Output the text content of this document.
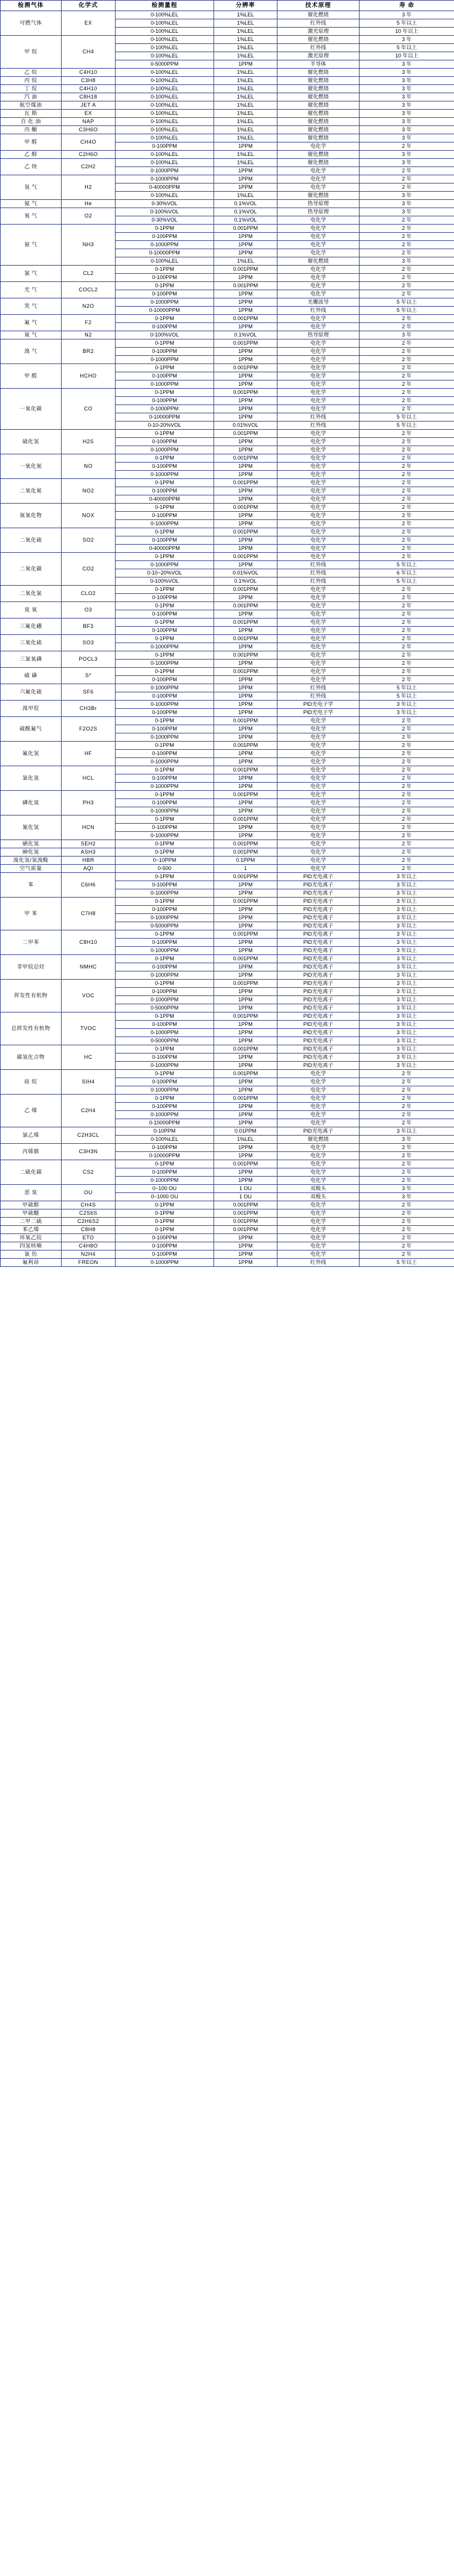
检测气体	化学式	检测量程	分辨率	技术原理	寿 命
可燃气体	EX	0-100%LEL	1%LEL	催化燃烧	3 年
		0-100%LEL	1%LEL	红外线	5 年以上
		0-100%LEL	1%LEL	激光原理	10 年以上
甲 烷	CH4	0-100%LEL	1%LEL	催化燃烧	3 年
		0-100%LEL	1%LEL	红外线	5 年以上
		0-100%LEL	1%LEL	激光原理	10 年以上
		0-5000PPM	1PPM	半导体	3 年
乙 烷	C4H10	0-100%LEL	1%LEL	催化燃烧	3 年
丙 烷	C3H8	0-100%LEL	1%LEL	催化燃烧	3 年
丁 烷	C4H10	0-100%LEL	1%LEL	催化燃烧	3 年
汽 油	C8H18	0-100%LEL	1%LEL	催化燃烧	3 年
航空煤油	JET A	0-100%LEL	1%LEL	催化燃烧	3 年
瓦 斯	EX	0-100%LEL	1%LEL	催化燃烧	3 年
自 化 油	NAP	0-100%LEL	1%LEL	催化燃烧	3 年
丙 酮	C3H6O	0-100%LEL	1%LEL	催化燃烧	3 年
甲 醛	CH4O	0-100%LEL	1%LEL	催化燃烧	3 年
		0-100PPM	1PPM	电化学	2 年
乙 醇	C2H6O	0-100%LEL	1%LEL	催化燃烧	3 年
乙 炔	C2H2	0-100%LEL	1%LEL	催化燃烧	3 年
		0-1000PPM	1PPM	电化学	2 年
氢 气	H2	0-1000PPM	1PPM	电化学	2 年
		0-40000PPM	1PPM	电化学	2 年
		0-100%LEL	1%LEL	催化燃烧	3 年
氦 气	He	0-30%VOL	0.1%VOL	热导原理	3 年
氧 气	O2	0-100%VOL	0.1%VOL	热导原理	3 年
		0-30%VOL	0.1%VOL	电化学	2 年
氨 气	NH3	0-1PPM	0.001PPM	电化学	2 年
		0-100PPM	1PPM	电化学	2 年
		0-1000PPM	1PPM	电化学	2 年
		0-10000PPM	1PPM	电化学	2 年
		0-100%LEL	1%LEL	催化燃烧	3 年
氯 气	CL2	0-1PPM	0.001PPM	电化学	2 年
		0-100PPM	1PPM	电化学	2 年
光 气	COCL2	0-1PPM	0.001PPM	电化学	2 年
		0-100PPM	1PPM	电化学	2 年
笑 气	N2O	0-1000PPM	1PPM	光栅波导	5 年以上
		0-10000PPM	1PPM	红外线	5 年以上
氟 气	F2	0-1PPM	0.001PPM	电化学	2 年
		0-100PPM	1PPM	电化学	2 年
氮 气	N2	0-100%VOL	0.1%VOL	热导原理	3 年
溴 气	BR2	0-1PPM	0.001PPM	电化学	2 年
		0-100PPM	1PPM	电化学	2 年
		0-1000PPM	1PPM	电化学	2 年
甲 醛	HCHO	0-1PPM	0.001PPM	电化学	2 年
		0-100PPM	1PPM	电化学	2 年
		0-1000PPM	1PPM	电化学	2 年
一氧化碳	CO	0-1PPM	0.001PPM	电化学	2 年
		0-100PPM	1PPM	电化学	2 年
		0-1000PPM	1PPM	电化学	2 年
		0-10000PPM	1PPM	红外线	5 年以上
		0-10-20%VOL	0.01%VOL	红外线	5 年以上
硫化氢	H2S	0-1PPM	0.001PPM	电化学	2 年
		0-100PPM	1PPM	电化学	2 年
		0-1000PPM	1PPM	电化学	2 年
一氧化氮	NO	0-1PPM	0.001PPM	电化学	2 年
		0-100PPM	1PPM	电化学	2 年
		0-1000PPM	1PPM	电化学	2 年
二氧化氮	NO2	0-1PPM	0.001PPM	电化学	2 年
		0-100PPM	1PPM	电化学	2 年
		0-40000PPM	1PPM	电化学	2 年
氮氧化物	NOX	0-1PPM	0.001PPM	电化学	2 年
		0-100PPM	1PPM	电化学	2 年
		0-1000PPM	1PPM	电化学	2 年
二氧化硫	SO2	0-1PPM	0.001PPM	电化学	2 年
		0-100PPM	1PPM	电化学	2 年
		0-40000PPM	1PPM	电化学	2 年
二氧化碳	CO2	0-1PPM	0.001PPM	电化学	2 年
		0-1000PPM	1PPM	红外线	5 年以上
		0-10~20%VOL	0.01%VOL	红外线	6 年以上
		0-100%VOL	0.1%VOL	红外线	5 年以上
二氧化氯	CLO2	0-1PPM	0.001PPM	电化学	2 年
		0-100PPM	1PPM	电化学	2 年
臭 氧	O3	0-1PPM	0.001PPM	电化学	2 年
		0-100PPM	1PPM	电化学	2 年
三氟化硼	BF3	0-1PPM	0.001PPM	电化学	2 年
		0-100PPM	1PPM	电化学	2 年
三氧化硫	SO3	0-1PPM	0.001PPM	电化学	2 年
		0-1000PPM	1PPM	电化学	2 年
三氯氧磷	POCL3	0-1PPM	0.001PPM	电化学	2 年
		0-1000PPM	1PPM	电化学	2 年
硫 磺	S*	0-1PPM	0.001PPM	电化学	2 年
		0-100PPM	1PPM	电化学	2 年
六氟化硫	SF6	0-1000PPM	1PPM	红外线	5 年以上
		0-100PPM	1PPM	红外线	5 年以上
溴甲烷	CH3Br	0-1000PPM	1PPM	PID光电子学	3 年以上
		0-100PPM	1PPM	PID光电子学	3 年以上
硫酰氟气	F2O2S	0-1PPM	0.001PPM	电化学	2 年
		0-100PPM	1PPM	电化学	2 年
		0-1000PPM	1PPM	电化学	2 年
氟化氢	HF	0-1PPM	0.001PPM	电化学	2 年
		0-100PPM	1PPM	电化学	2 年
		0-1000PPM	1PPM	电化学	2 年
氯化氢	HCL	0-1PPM	0.001PPM	电化学	2 年
		0-100PPM	1PPM	电化学	2 年
		0-1000PPM	1PPM	电化学	2 年
磷化氢	PH3	0-1PPM	0.001PPM	电化学	2 年
		0-100PPM	1PPM	电化学	2 年
		0-1000PPM	1PPM	电化学	2 年
氰化氢	HCN	0-1PPM	0.001PPM	电化学	2 年
		0-100PPM	1PPM	电化学	2 年
		0-1000PPM	1PPM	电化学	2 年
硒化氢	SEH2	0-1PPM	0.001PPM	电化学	2 年
砷化氢	ASH3	0-1PPM	0.001PPM	电化学	2 年
溴化氢/氢溴酸	HBR	0~10PPM	0.1PPM	电化学	2 年
空气质量	AQI	0-500	1	电化学	2 年
苯	C6H6	0-1PPM	0.001PPM	PID光电离子	3 年以上
		0-100PPM	1PPM	PID光电离子	3 年以上
		0-1000PPM	1PPM	PID光电离子	3 年以上
甲 苯	C7H8	0-1PPM	0.001PPM	PID光电离子	3 年以上
		0-100PPM	1PPM	PID光电离子	3 年以上
		0-1000PPM	1PPM	PID光电离子	3 年以上
		0-5000PPM	1PPM	PID光电离子	3 年以上
二甲苯	C8H10	0-1PPM	0.001PPM	PID光电离子	3 年以上
		0-100PPM	1PPM	PID光电离子	3 年以上
		0-1000PPM	1PPM	PID光电离子	3 年以上
非甲烷总烃	NMHC	0-1PPM	0.001PPM	PID光电离子	3 年以上
		0-100PPM	1PPM	PID光电离子	3 年以上
		0-1000PPM	1PPM	PID光电离子	3 年以上
挥发性有机物	VOC	0-1PPM	0.001PPM	PID光电离子	3 年以上
		0-100PPM	1PPM	PID光电离子	3 年以上
		0-1000PPM	1PPM	PID光电离子	3 年以上
		0-5000PPM	1PPM	PID光电离子	3 年以上
总挥发性有机物	TVOC	0-1PPM	0.001PPM	PID光电离子	3 年以上
		0-100PPM	1PPM	PID光电离子	3 年以上
		0-1000PPM	1PPM	PID光电离子	3 年以上
		0-5000PPM	1PPM	PID光电离子	3 年以上
碳氢化合物	HC	0-1PPM	0.001PPM	PID光电离子	3 年以上
		0-100PPM	1PPM	PID光电离子	3 年以上
		0-1000PPM	1PPM	PID光电离子	3 年以上
硅 烷	SIH4	0-1PPM	0.001PPM	电化学	2 年
		0-100PPM	1PPM	电化学	2 年
		0-1000PPM	1PPM	电化学	2 年
乙 烯	C2H4	0-1PPM	0.001PPM	电化学	2 年
		0-100PPM	1PPM	电化学	2 年
		0-1000PPM	1PPM	电化学	2 年
		0-10000PPM	1PPM	电化学	2 年
氯乙烯	C2H3CL	0-10PPM	0.01PPM	PID光电离子	3 年以上
		0-100%LEL	1%LEL	催化燃烧	3 年
丙烯腈	C3H3N	0-100PPM	1PPM	电化学	2 年
		0-10000PPM	1PPM	电化学	2 年
二硫化碳	CS2	0-1PPM	0.001PPM	电化学	2 年
		0-100PPM	1PPM	电化学	2 年
		0-1000PPM	1PPM	电化学	2 年
恶 臭	OU	0~100 OU	1 OU	双极头	3 年
		0~1000 OU	1 OU	双极头	3 年
甲硫醇	CH4S	0-1PPM	0.001PPM	电化学	2 年
甲硫醚	C2S6S	0-1PPM	0.001PPM	电化学	2 年
二甲二硫	C2H6S2	0-1PPM	0.001PPM	电化学	2 年
苯乙烯	C8H8	0-1PPM	0.001PPM	电化学	2 年
环氧乙烷	ETO	0-100PPM	1PPM	电化学	2 年
四氢呋喃	C4H8O	0-100PPM	1PPM	电化学	2 年
氯 仿	N2H4	0-100PPM	1PPM	电化学	2 年
氟利昂	FREON	0-1000PPM	1PPM	红外线	5 年以上
